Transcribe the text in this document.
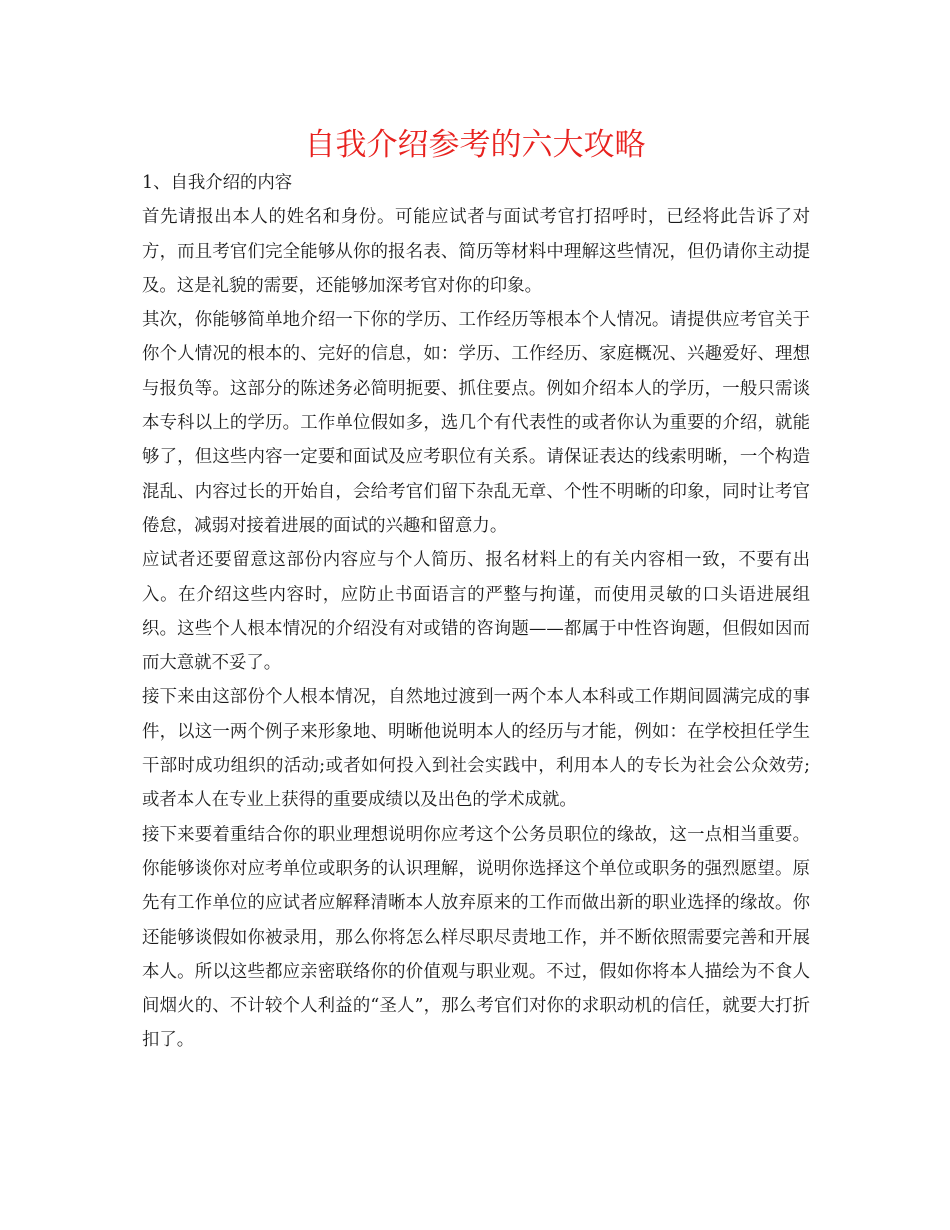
自我介绍参考的六大攻略

1、自我介绍的内容

首先请报出本人的姓名和身份。可能应试者与面试考官打招呼时，已经将此告诉了对方，而且考官们完全能够从你的报名表、简历等材料中理解这些情况，但仍请你主动提及。这是礼貌的需要，还能够加深考官对你的印象。

其次，你能够简单地介绍一下你的学历、工作经历等根本个人情况。请提供应考官关于你个人情况的根本的、完好的信息，如：学历、工作经历、家庭概况、兴趣爱好、理想与报负等。这部分的陈述务必简明扼要、抓住要点。例如介绍本人的学历，一般只需谈本专科以上的学历。工作单位假如多，选几个有代表性的或者你认为重要的介绍，就能够了，但这些内容一定要和面试及应考职位有关系。请保证表达的线索明晰，一个构造混乱、内容过长的开始自，会给考官们留下杂乱无章、个性不明晰的印象，同时让考官倦怠，减弱对接着进展的面试的兴趣和留意力。

应试者还要留意这部份内容应与个人简历、报名材料上的有关内容相一致，不要有出入。在介绍这些内容时，应防止书面语言的严整与拘谨，而使用灵敏的口头语进展组织。这些个人根本情况的介绍没有对或错的咨询题——都属于中性咨询题，但假如因而而大意就不妥了。

接下来由这部份个人根本情况，自然地过渡到一两个本人本科或工作期间圆满完成的事件，以这一两个例子来形象地、明晰他说明本人的经历与才能，例如：在学校担任学生干部时成功组织的活动;或者如何投入到社会实践中，利用本人的专长为社会公众效劳;或者本人在专业上获得的重要成绩以及出色的学术成就。

接下来要着重结合你的职业理想说明你应考这个公务员职位的缘故，这一点相当重要。你能够谈你对应考单位或职务的认识理解，说明你选择这个单位或职务的强烈愿望。原先有工作单位的应试者应解释清晰本人放弃原来的工作而做出新的职业选择的缘故。你还能够谈假如你被录用，那么你将怎么样尽职尽责地工作，并不断依照需要完善和开展本人。所以这些都应亲密联络你的价值观与职业观。不过，假如你将本人描绘为不食人间烟火的、不计较个人利益的“圣人”，那么考官们对你的求职动机的信任，就要大打折扣了。
